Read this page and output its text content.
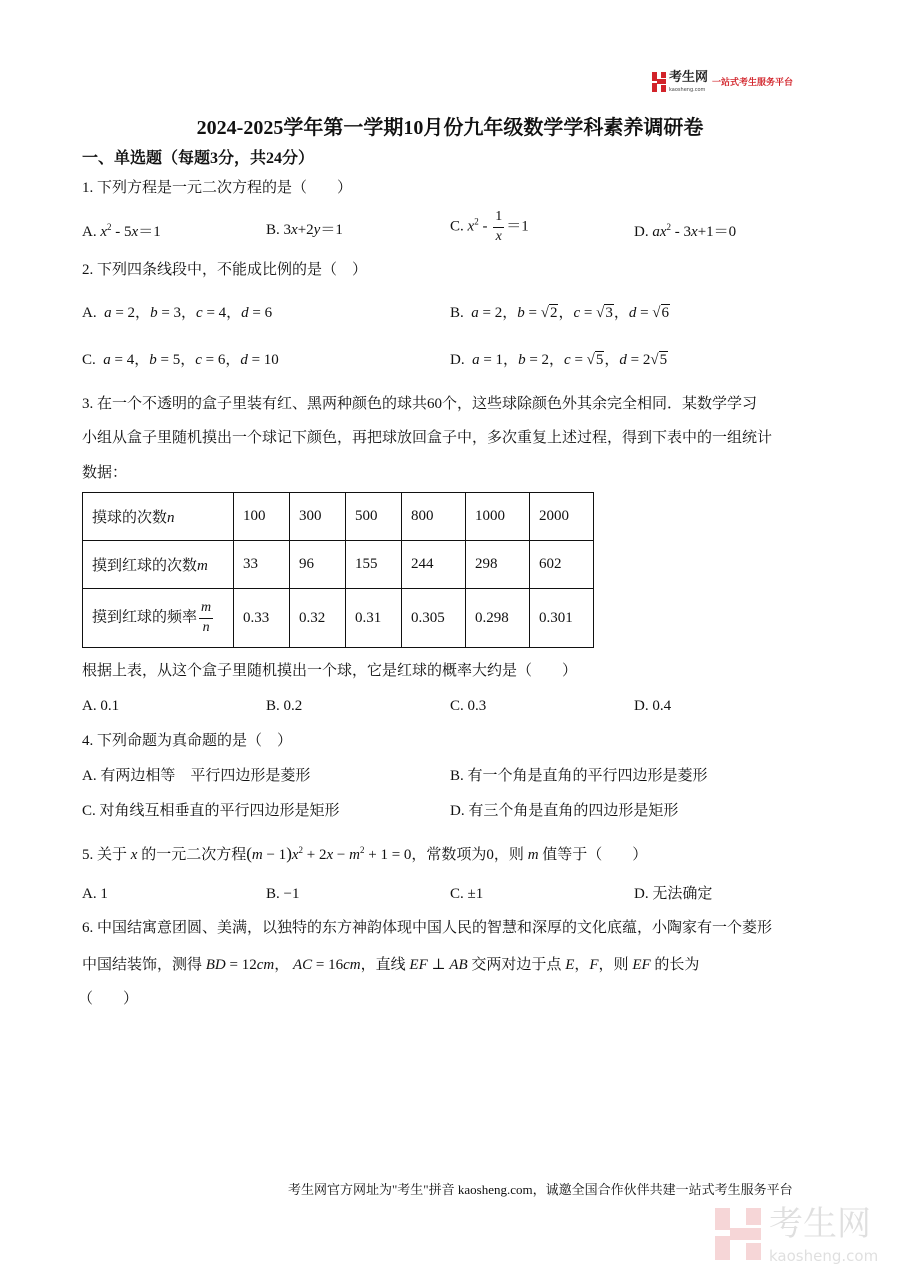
考生网
kaosheng.com
一站式考生服务平台
2024-2025学年第一学期10月份九年级数学学科素养调研卷
一、单选题（每题3分，共24分）
1. 下列方程是一元二次方程的是（　　）
A. $x^2 - 5x=1$	B. 3x+2y＝1	C. $x^2 - \frac{1}{x} =1$	D. $ax^2 - 3x+1=0$
2. 下列四条线段中，不能成比例的是（　）
A. a = 2，b = 3，c = 4，d = 6	B. a = 2，b = √2，c = √3，d = √6
C. a = 4，b = 5，c = 6，d = 10	D. a = 1，b = 2，c = √5，d = 2√5
3. 在一个不透明的盒子里装有红、黑两种颜色的球共60个，这些球除颜色外其余完全相同．某数学学习
小组从盒子里随机摸出一个球记下颜色，再把球放回盒子中，多次重复上述过程，得到下表中的一组统计
数据：
摸球的次数n	100	300	500	800	1000	2000
摸到红球的次数m	33	96	155	244	298	602
摸到红球的频率 $\frac{m}{n}$	0.33	0.32	0.31	0.305	0.298	0.301
根据上表，从这个盒子里随机摸出一个球，它是红球的概率大约是（　　）
A. 0.1	B. 0.2	C. 0.3	D. 0.4
4. 下列命题为真命题的是（　）
A. 有两边相等　平行四边形是菱形	B. 有一个角是直角的平行四边形是菱形
C. 对角线互相垂直的平行四边形是矩形	D. 有三个角是直角的四边形是矩形
5. 关于 x 的一元二次方程$(m - 1)x^2 + 2x - m^2 + 1 = 0$，常数项为0，则 m 值等于（　　）
A. 1	B. −1	C. ±1	D. 无法确定
6. 中国结寓意团圆、美满，以独特的东方神韵体现中国人民的智慧和深厚的文化底蕴，小陶家有一个菱形
中国结装饰，测得 BD = 12cm， AC = 16cm，直线 EF ⊥ AB 交两对边于点 E，F，则 EF 的长为
（　　）
考生网官方网址为"考生"拼音 kaosheng.com，诚邀全国合作伙伴共建一站式考生服务平台
考生网
kaosheng.com
